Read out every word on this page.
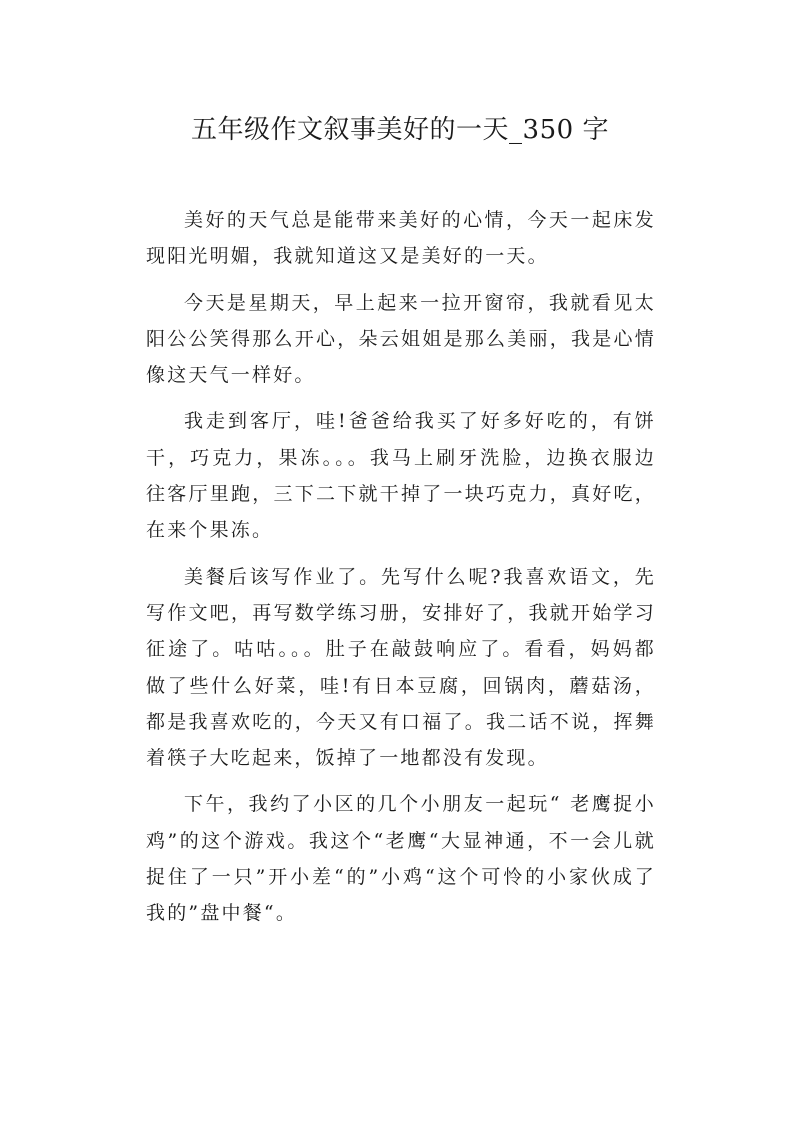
五年级作文叙事美好的一天_350 字

美好的天气总是能带来美好的心情，今天一起床发现阳光明媚，我就知道这又是美好的一天。

今天是星期天，早上起来一拉开窗帘，我就看见太阳公公笑得那么开心，朵云姐姐是那么美丽，我是心情像这天气一样好。

我走到客厅，哇!爸爸给我买了好多好吃的，有饼干，巧克力，果冻。。。我马上刷牙洗脸，边换衣服边往客厅里跑，三下二下就干掉了一块巧克力，真好吃，在来个果冻。

美餐后该写作业了。先写什么呢?我喜欢语文，先写作文吧，再写数学练习册，安排好了，我就开始学习征途了。咕咕。。。肚子在敲鼓响应了。看看，妈妈都做了些什么好菜，哇!有日本豆腐，回锅肉，蘑菇汤，都是我喜欢吃的，今天又有口福了。我二话不说，挥舞着筷子大吃起来，饭掉了一地都没有发现。

下午，我约了小区的几个小朋友一起玩“ 老鹰捉小鸡”的这个游戏。我这个“老鹰“大显神通，不一会儿就捉住了一只”开小差“的”小鸡“这个可怜的小家伙成了我的”盘中餐“。
